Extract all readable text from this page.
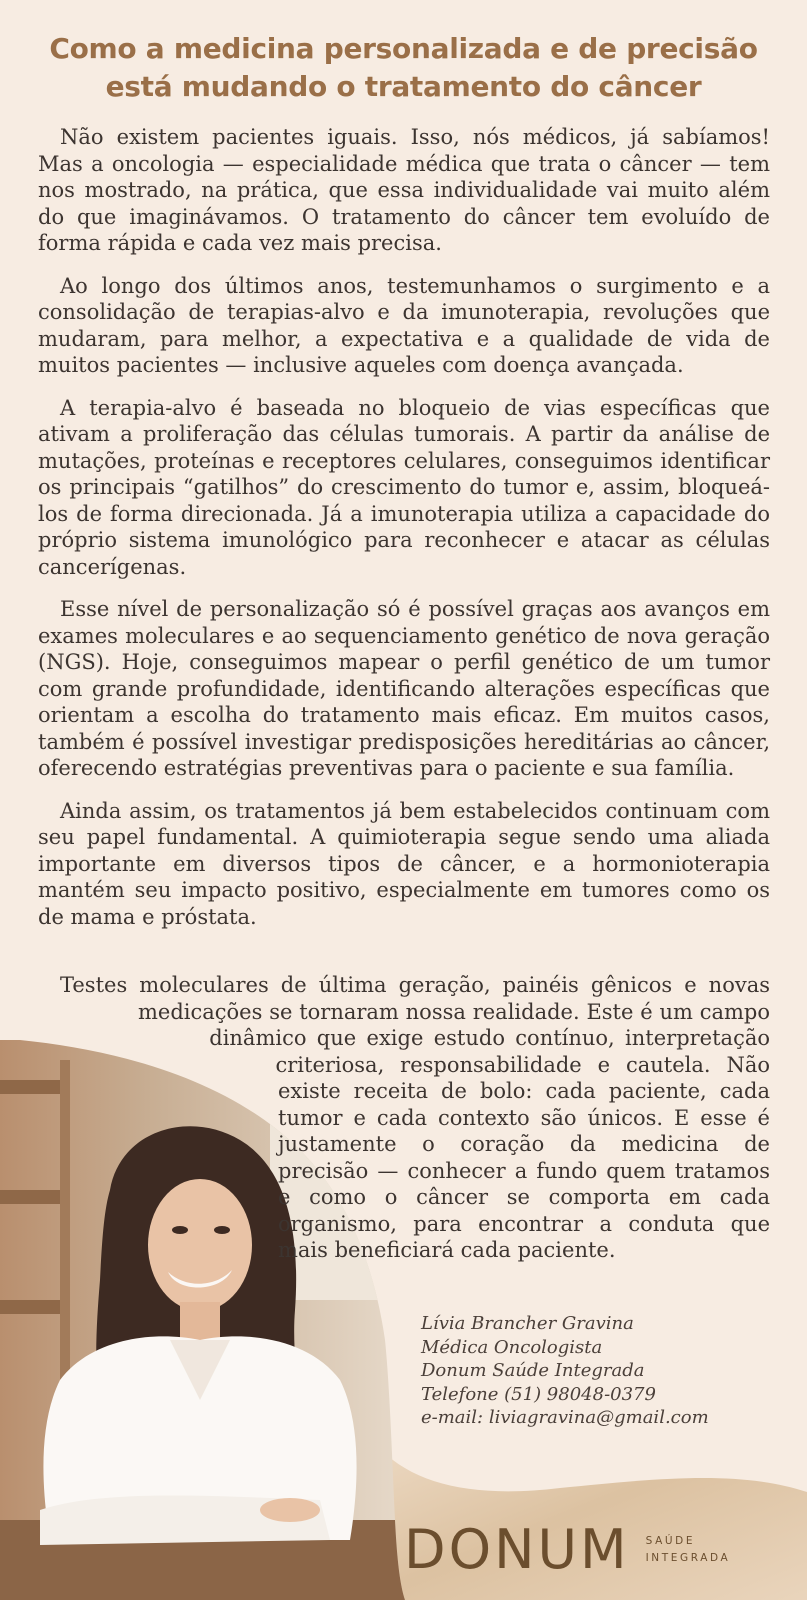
Como a medicina personalizada e de precisão
está mudando o tratamento do câncer

Não existem pacientes iguais. Isso, nós médicos, já sabíamos! Mas a oncologia — especialidade médica que trata o câncer — tem nos mostrado, na prática, que essa individualidade vai muito além do que imaginávamos. O tratamento do câncer tem evoluído de forma rápida e cada vez mais precisa.

Ao longo dos últimos anos, testemunhamos o surgimento e a consolidação de terapias-alvo e da imunoterapia, revoluções que mudaram, para melhor, a expectativa e a qualidade de vida de muitos pacientes — inclusive aqueles com doença avançada.

A terapia-alvo é baseada no bloqueio de vias específicas que ativam a proliferação das células tumorais. A partir da análise de mutações, proteínas e receptores celulares, conseguimos identificar os principais “gatilhos” do crescimento do tumor e, assim, bloqueá-los de forma direcionada. Já a imunoterapia utiliza a capacidade do próprio sistema imunológico para reconhecer e atacar as células cancerígenas.

Esse nível de personalização só é possível graças aos avanços em exames moleculares e ao sequenciamento genético de nova geração (NGS). Hoje, conseguimos mapear o perfil genético de um tumor com grande profundidade, identificando alterações específicas que orientam a escolha do tratamento mais eficaz. Em muitos casos, também é possível investigar predisposições hereditárias ao câncer, oferecendo estratégias preventivas para o paciente e sua família.

Ainda assim, os tratamentos já bem estabelecidos continuam com seu papel fundamental. A quimioterapia segue sendo uma aliada importante em diversos tipos de câncer, e a hormonioterapia mantém seu impacto positivo, especialmente em tumores como os de mama e próstata.

Testes moleculares de última geração, painéis gênicos e novas medicações se tornaram nossa realidade. Este é um campo dinâmico que exige estudo contínuo, interpretação criteriosa, responsabilidade e cautela. Não existe receita de bolo: cada paciente, cada tumor e cada contexto são únicos. E esse é justamente o coração da medicina de precisão — conhecer a fundo quem tratamos e como o câncer se comporta em cada organismo, para encontrar a conduta que mais beneficiará cada paciente.

Lívia Brancher Gravina
Médica Oncologista
Donum Saúde Integrada
Telefone (51) 98048-0379
e-mail: liviagravina@gmail.com
DONUM SAÚDE
INTEGRADA
